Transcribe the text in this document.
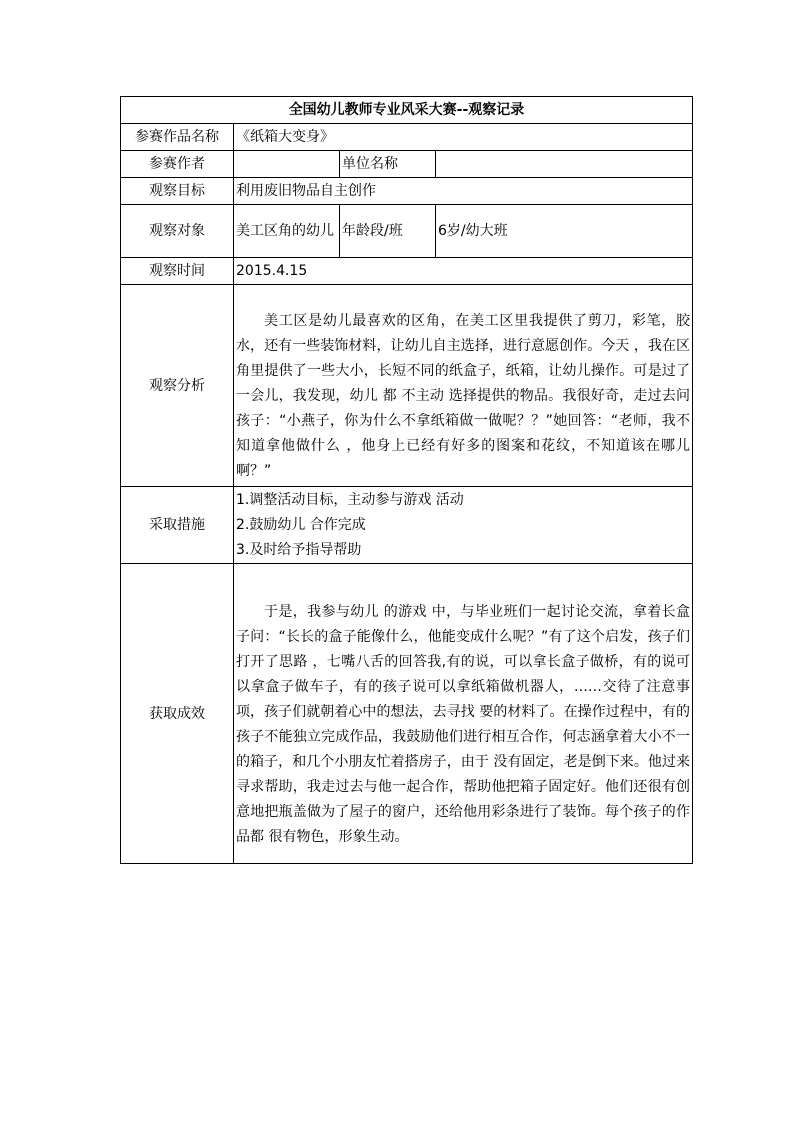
全国幼儿教师专业风采大赛--观察记录			
参赛作品名称	《纸箱大变身》		
参赛作者		单位名称	
观察目标	利用废旧物品自主创作		
观察对象	美工区角的幼儿	年龄段/班	6岁/幼大班
观察时间	2015.4.15		
观察分析	美工区是幼儿最喜欢的区角，在美工区里我提供了剪刀，彩笔，胶水，还有一些装饰材料，让幼儿自主选择，进行意愿创作。今天 ，我在区角里提供了一些大小，长短不同的纸盒子，纸箱，让幼儿操作。可是过了一会儿，我发现，幼儿 都 不主动 选择提供的物品。我很好奇，走过去问孩子：“小燕子，你为什么不拿纸箱做一做呢？？”她回答：“老师，我不知道拿他做什么 ，他身上已经有好多的图案和花纹，不知道该在哪儿啊？”		

采取措施	1.调整活动目标，主动参与游戏 活动
2.鼓励幼儿 合作完成
3.及时给予指导帮助		

获取成效	于是，我参与幼儿 的游戏 中，与毕业班们一起讨论交流，拿着长盒子问：“长长的盒子能像什么，他能变成什么呢？”有了这个启发，孩子们打开了思路 ，七嘴八舌的回答我,有的说，可以拿长盒子做桥，有的说可以拿盒子做车子，有的孩子说可以拿纸箱做机器人，……交待了注意事项，孩子们就朝着心中的想法，去寻找 要的材料了。在操作过程中，有的孩子不能独立完成作品，我鼓励他们进行相互合作，何志涵拿着大小不一的箱子，和几个小朋友忙着搭房子，由于 没有固定，老是倒下来。他过来寻求帮助，我走过去与他一起合作，帮助他把箱子固定好。他们还很有创意地把瓶盖做为了屋子的窗户，还给他用彩条进行了装饰。每个孩子的作品都 很有物色，形象生动。		
